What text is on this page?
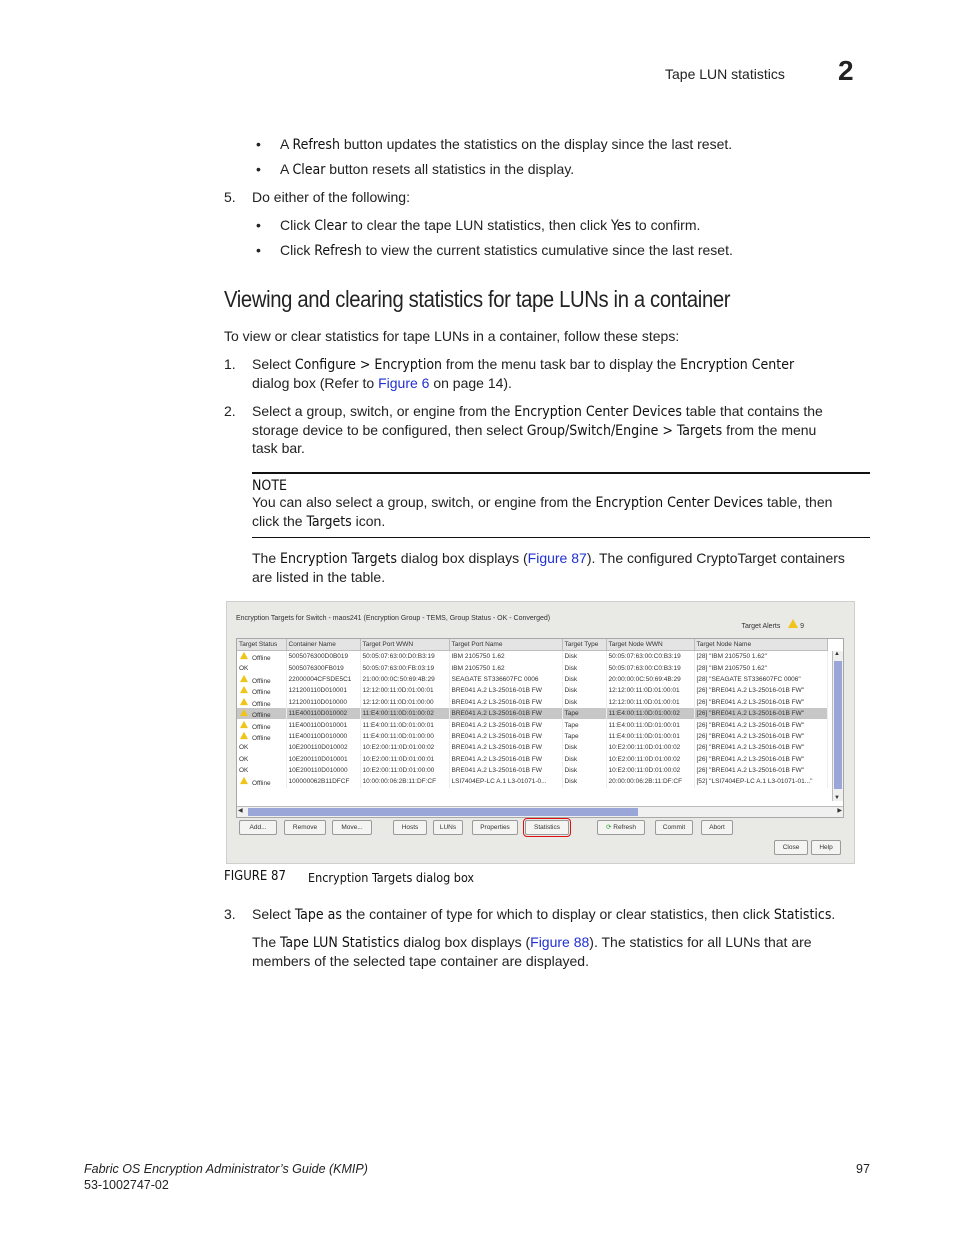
Tape LUN statistics 2
• A Refresh button updates the statistics on the display since the last reset.
• A Clear button resets all statistics in the display.
5. Do either of the following:
• Click Clear to clear the tape LUN statistics, then click Yes to confirm.
• Click Refresh to view the current statistics cumulative since the last reset.
Viewing and clearing statistics for tape LUNs in a container
To view or clear statistics for tape LUNs in a container, follow these steps:
1. Select Configure > Encryption from the menu task bar to display the Encryption Center
dialog box (Refer to Figure 6 on page 14).
2. Select a group, switch, or engine from the Encryption Center Devices table that contains the
storage device to be configured, then select Group/Switch/Engine > Targets from the menu
task bar.
NOTE
You can also select a group, switch, or engine from the Encryption Center Devices table, then
click the Targets icon.
The Encryption Targets dialog box displays (Figure 87). The configured CryptoTarget containers
are listed in the table.
Encryption Targets for Switch - maos241 (Encryption Group - TEMS, Group Status - OK - Converged)
Target Alerts	9
Target Status	Container Name	Target Port WWN	Target Port Name	Target Type	Target Node WWN	Target Node Name
Offline	5005076300D0B019	50:05:07:63:00:D0:B3:19	IBM 2105750 1.62	Disk	50:05:07:63:00:C0:B3:19	[28] "IBM 2105750 1.62"
OK	5005076300FB019	50:05:07:63:00:FB:03:19	IBM 2105750 1.62	Disk	50:05:07:63:00:C0:B3:19	[28] "IBM 2105750 1.62"
Offline	22000004CFSDE5C1	21:00:00:0C:50:69:4B:29	SEAGATE ST336607FC 0006	Disk	20:00:00:0C:50:69:4B:29	[28] "SEAGATE ST336607FC 0006"
Offline	121200110D010001	12:12:00:11:0D:01:00:01	BRE041 A.2 L3-25016-01B FW	Disk	12:12:00:11:0D:01:00:01	[26] "BRE041 A.2 L3-25016-01B FW"
Offline	121200110D010000	12:12:00:11:0D:01:00:00	BRE041 A.2 L3-25016-01B FW	Disk	12:12:00:11:0D:01:00:01	[26] "BRE041 A.2 L3-25016-01B FW"
Offline	11E400110D010002	11:E4:00:11:0D:01:00:02	BRE041 A.2 L3-25016-01B FW	Tape	11:E4:00:11:0D:01:00:02	[26] "BRE041 A.2 L3-25016-01B FW"
Offline	11E400110D010001	11:E4:00:11:0D:01:00:01	BRE041 A.2 L3-25016-01B FW	Tape	11:E4:00:11:0D:01:00:01	[26] "BRE041 A.2 L3-25016-01B FW"
Offline	11E400110D010000	11:E4:00:11:0D:01:00:00	BRE041 A.2 L3-25016-01B FW	Tape	11:E4:00:11:0D:01:00:01	[26] "BRE041 A.2 L3-25016-01B FW"
OK	10E200110D010002	10:E2:00:11:0D:01:00:02	BRE041 A.2 L3-25016-01B FW	Disk	10:E2:00:11:0D:01:00:02	[26] "BRE041 A.2 L3-25016-01B FW"
OK	10E200110D010001	10:E2:00:11:0D:01:00:01	BRE041 A.2 L3-25016-01B FW	Disk	10:E2:00:11:0D:01:00:02	[26] "BRE041 A.2 L3-25016-01B FW"
OK	10E200110D010000	10:E2:00:11:0D:01:00:00	BRE041 A.2 L3-25016-01B FW	Disk	10:E2:00:11:0D:01:00:02	[26] "BRE041 A.2 L3-25016-01B FW"
Offline	100000062B11DFCF	10:00:00:06:2B:11:DF:CF	LSI7404EP-LC A.1 L3-01071-0...	Disk	20:00:00:06:2B:11:DF:CF	[52] "LSI7404EP-LC A.1 L3-01071-01..."
▲
▼
◀	▶
Add...	Remove	Move...	Hosts	LUNs	Properties	Statistics	⟳ Refresh	Commit	Abort
Close	Help
FIGURE 87 Encryption Targets dialog box
3. Select Tape as the container of type for which to display or clear statistics, then click Statistics.
The Tape LUN Statistics dialog box displays (Figure 88). The statistics for all LUNs that are
members of the selected tape container are displayed.
Fabric OS Encryption Administrator’s Guide (KMIP)
53-1002747-02
97
